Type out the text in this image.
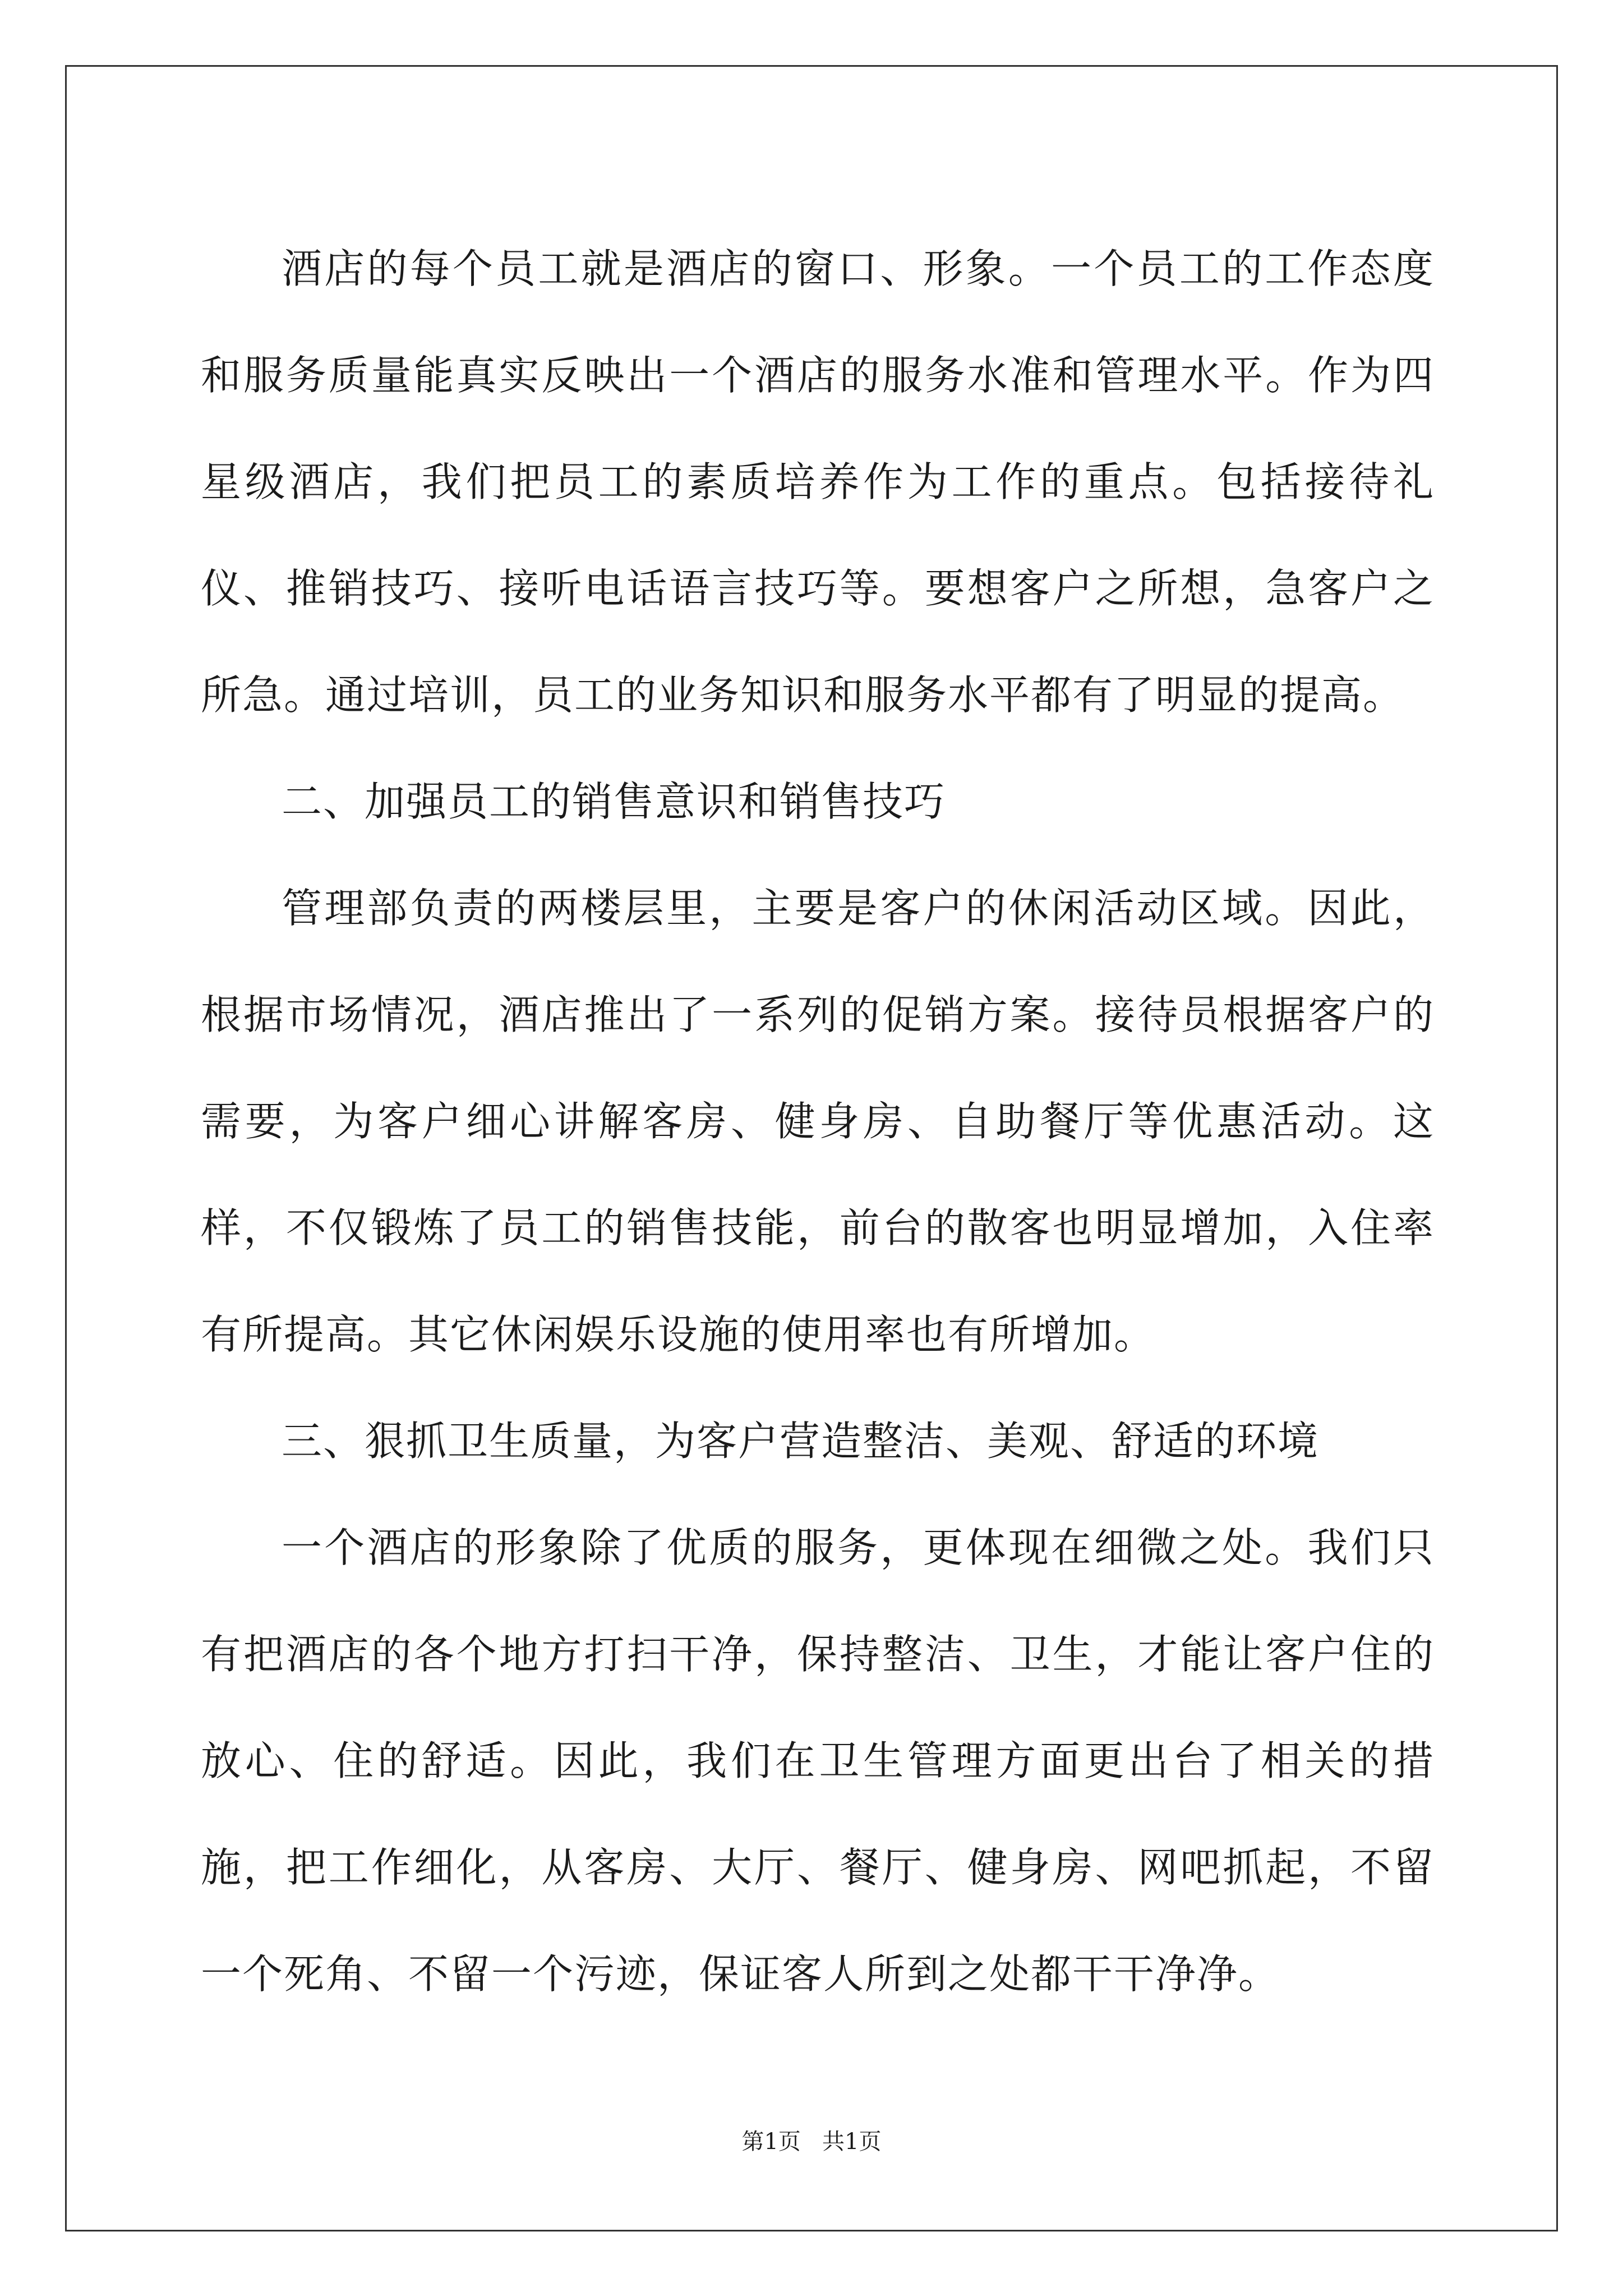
酒店的每个员工就是酒店的窗口、形象。一个员工的工作态度和服务质量能真实反映出一个酒店的服务水准和管理水平。作为四星级酒店，我们把员工的素质培养作为工作的重点。包括接待礼仪、推销技巧、接听电话语言技巧等。要想客户之所想，急客户之所急。通过培训，员工的业务知识和服务水平都有了明显的提高。

二、加强员工的销售意识和销售技巧

管理部负责的两楼层里，主要是客户的休闲活动区域。因此，根据市场情况，酒店推出了一系列的促销方案。接待员根据客户的需要，为客户细心讲解客房、健身房、自助餐厅等优惠活动。这样，不仅锻炼了员工的销售技能，前台的散客也明显增加，入住率有所提高。其它休闲娱乐设施的使用率也有所增加。

三、狠抓卫生质量，为客户营造整洁、美观、舒适的环境

一个酒店的形象除了优质的服务，更体现在细微之处。我们只有把酒店的各个地方打扫干净，保持整洁、卫生，才能让客户住的放心、住的舒适。因此，我们在卫生管理方面更出台了相关的措施，把工作细化，从客房、大厅、餐厅、健身房、网吧抓起，不留一个死角、不留一个污迹，保证客人所到之处都干干净净。

第1页   共1页
